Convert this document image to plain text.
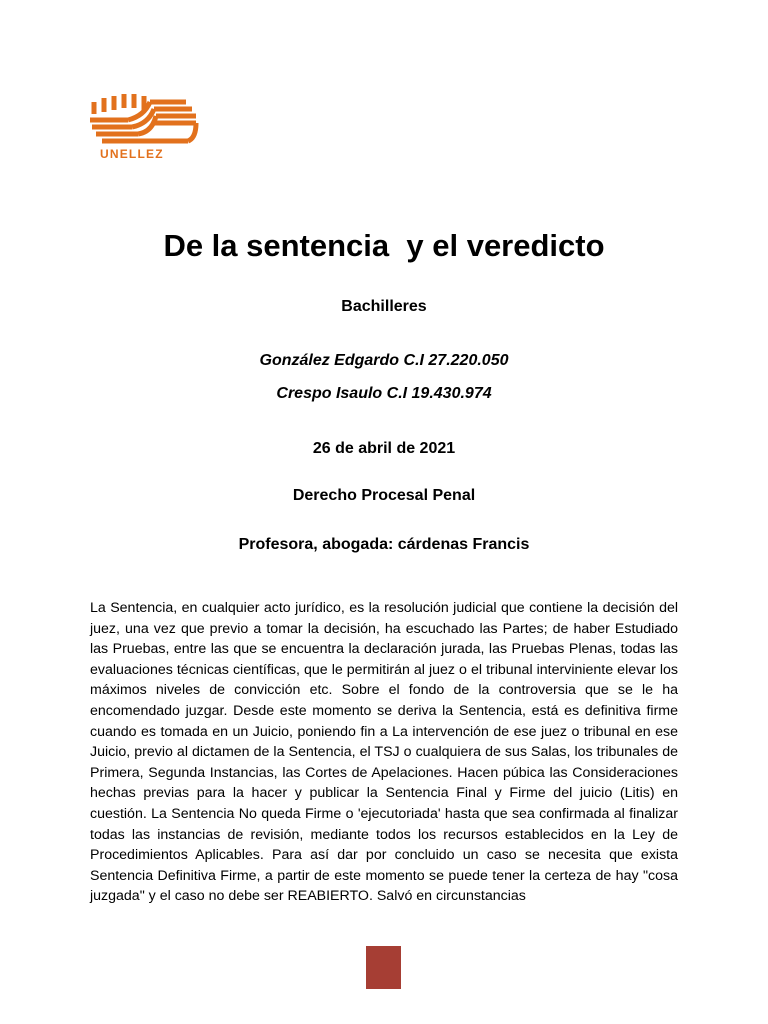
UNELLEZ
De la sentencia  y el veredicto

Bachilleres

González Edgardo C.I 27.220.050

Crespo Isaulo C.I 19.430.974

26 de abril de 2021

Derecho Procesal Penal

Profesora, abogada: cárdenas Francis

La Sentencia, en cualquier acto jurídico, es la resolución judicial que contiene la decisión del juez, una vez que previo a tomar la decisión, ha escuchado las Partes; de haber Estudiado las Pruebas, entre las que se encuentra la declaración jurada, las Pruebas Plenas, todas las evaluaciones técnicas científicas, que le permitirán al juez o el tribunal interviniente elevar los máximos niveles de convicción etc. Sobre el fondo de la controversia que se le ha encomendado juzgar. Desde este momento se deriva la Sentencia, está es definitiva firme cuando es tomada en un Juicio, poniendo fin a La intervención de ese juez o tribunal en ese Juicio, previo al dictamen de la Sentencia, el TSJ o cualquiera de sus Salas, los tribunales de Primera, Segunda Instancias, las Cortes de Apelaciones. Hacen púbica las Consideraciones hechas previas para la hacer y publicar la Sentencia Final y Firme del juicio (Litis) en cuestión. La Sentencia No queda Firme o 'ejecutoriada' hasta que sea confirmada al finalizar todas las instancias de revisión, mediante todos los recursos establecidos en la Ley de Procedimientos Aplicables. Para así dar por concluido un caso se necesita que exista Sentencia Definitiva Firme, a partir de este momento se puede tener la certeza de hay "cosa juzgada" y el caso no debe ser REABIERTO. Salvó en circunstancias
